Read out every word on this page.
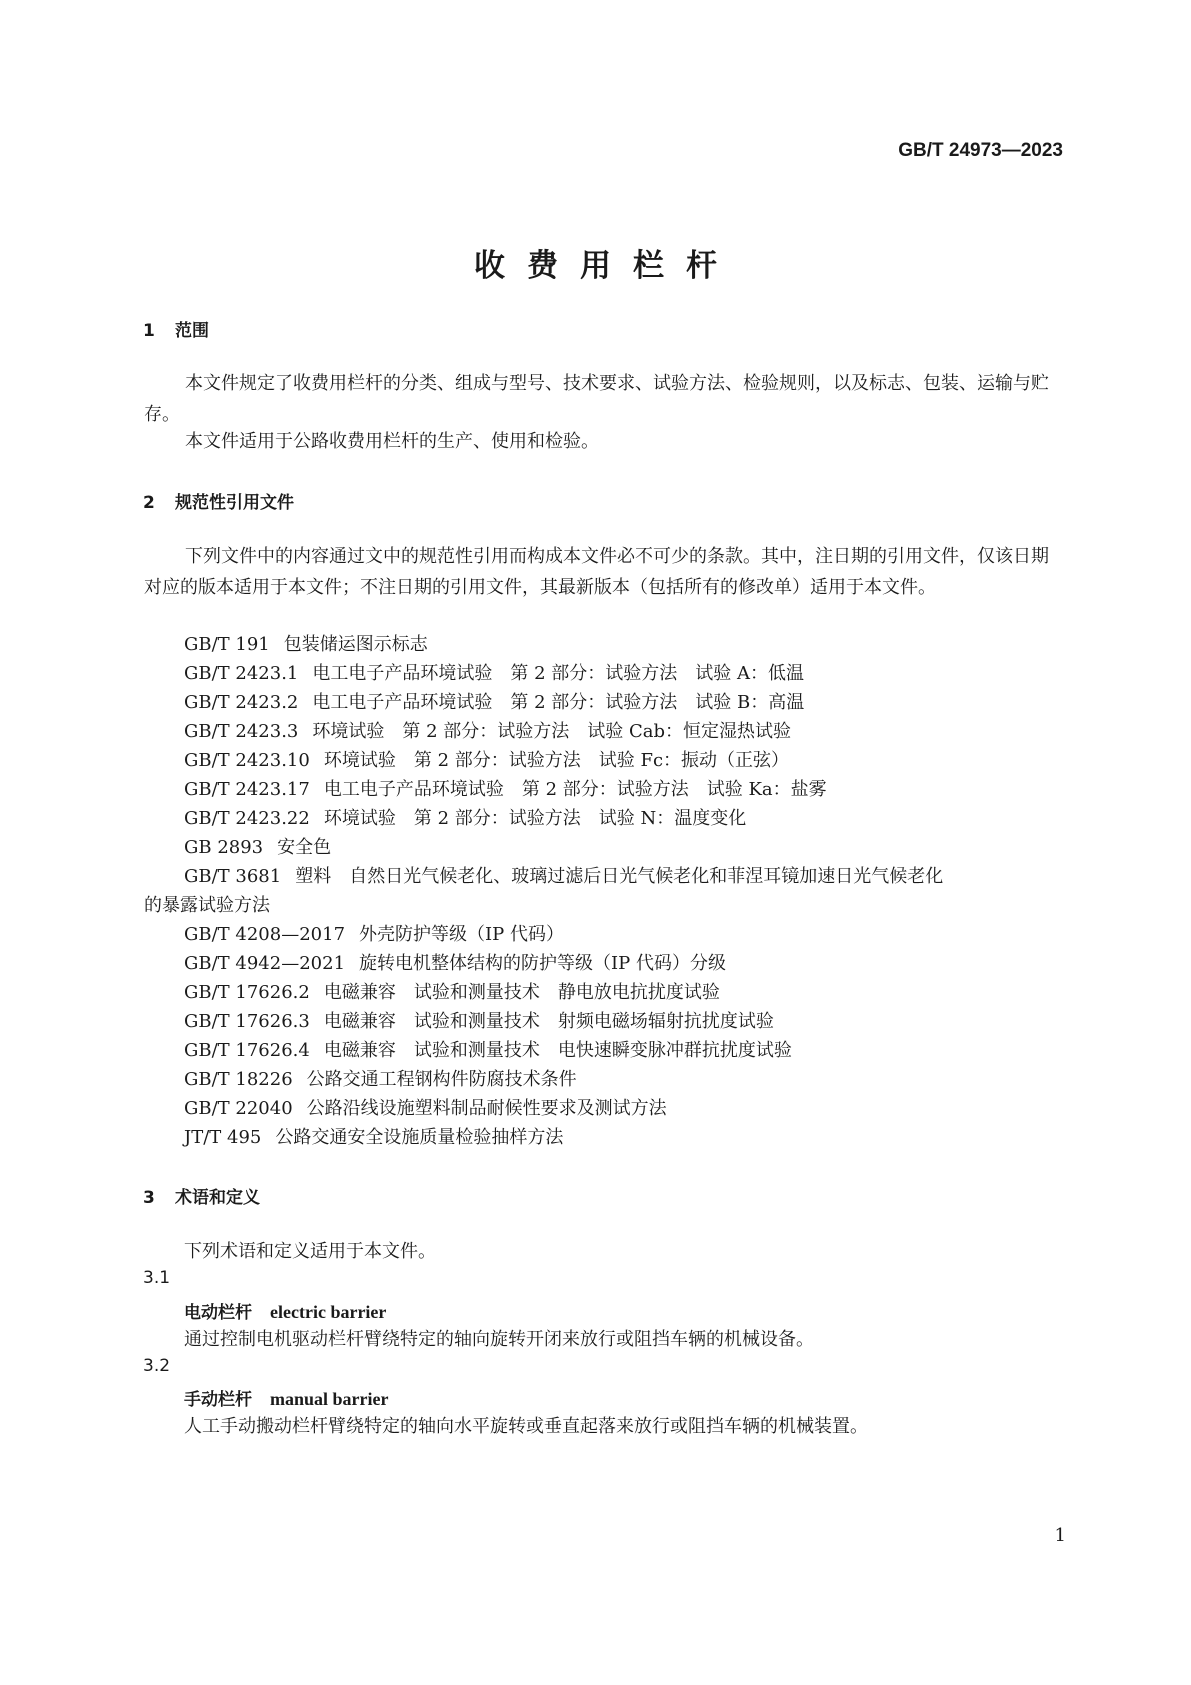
GB/T 24973—2023
收费用栏杆
1 范围
本文件规定了收费用栏杆的分类、组成与型号、技术要求、试验方法、检验规则，以及标志、包装、运输与贮存。
本文件适用于公路收费用栏杆的生产、使用和检验。
2 规范性引用文件
下列文件中的内容通过文中的规范性引用而构成本文件必不可少的条款。其中，注日期的引用文件，仅该日期对应的版本适用于本文件；不注日期的引用文件，其最新版本（包括所有的修改单）适用于本文件。
GB/T 191 包装储运图示标志
GB/T 2423.1 电工电子产品环境试验　第 2 部分：试验方法　试验 A：低温
GB/T 2423.2 电工电子产品环境试验　第 2 部分：试验方法　试验 B：高温
GB/T 2423.3 环境试验　第 2 部分：试验方法　试验 Cab：恒定湿热试验
GB/T 2423.10 环境试验　第 2 部分：试验方法　试验 Fc：振动（正弦）
GB/T 2423.17 电工电子产品环境试验　第 2 部分：试验方法　试验 Ka：盐雾
GB/T 2423.22 环境试验　第 2 部分：试验方法　试验 N：温度变化
GB 2893 安全色
GB/T 3681 塑料　自然日光气候老化、玻璃过滤后日光气候老化和菲涅耳镜加速日光气候老化
的暴露试验方法
GB/T 4208—2017 外壳防护等级（IP 代码）
GB/T 4942—2021 旋转电机整体结构的防护等级（IP 代码）分级
GB/T 17626.2 电磁兼容　试验和测量技术　静电放电抗扰度试验
GB/T 17626.3 电磁兼容　试验和测量技术　射频电磁场辐射抗扰度试验
GB/T 17626.4 电磁兼容　试验和测量技术　电快速瞬变脉冲群抗扰度试验
GB/T 18226 公路交通工程钢构件防腐技术条件
GB/T 22040 公路沿线设施塑料制品耐候性要求及测试方法
JT/T 495 公路交通安全设施质量检验抽样方法
3 术语和定义
下列术语和定义适用于本文件。
3.1
电动栏杆 electric barrier
通过控制电机驱动栏杆臂绕特定的轴向旋转开闭来放行或阻挡车辆的机械设备。
3.2
手动栏杆 manual barrier
人工手动搬动栏杆臂绕特定的轴向水平旋转或垂直起落来放行或阻挡车辆的机械装置。
1
